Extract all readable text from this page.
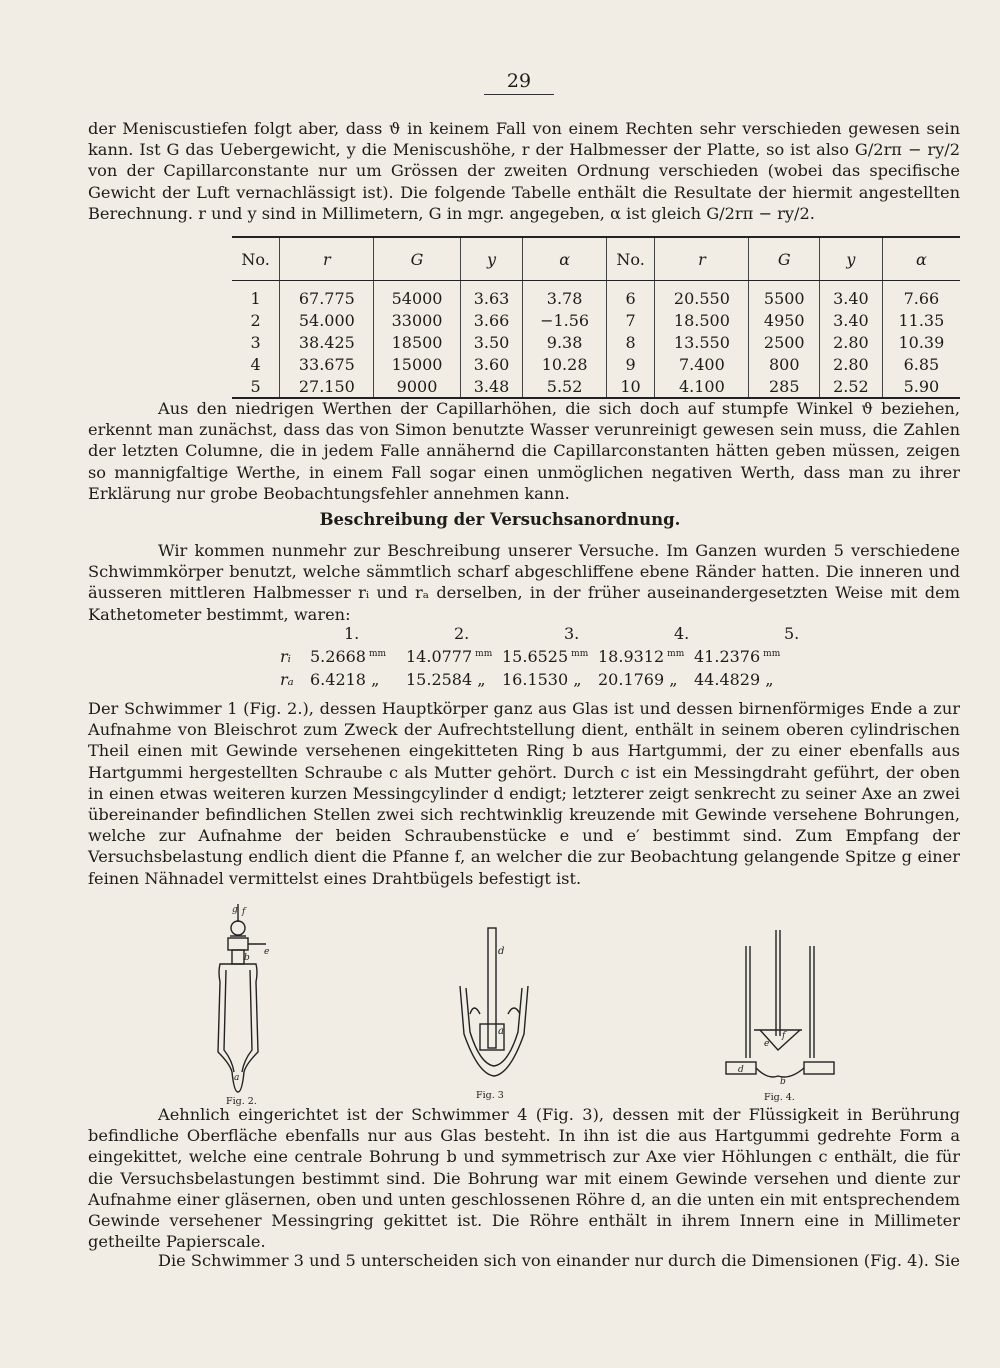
29
der Meniscustiefen folgt aber, dass ϑ in keinem Fall von einem Rechten sehr verschieden gewesen sein kann. Ist G das Uebergewicht, y die Meniscushöhe, r der Halbmesser der Platte, so ist also G/2rπ − ry/2 von der Capillarconstante nur um Grössen der zweiten Ordnung verschieden (wobei das specifische Gewicht der Luft vernachlässigt ist). Die folgende Tabelle enthält die Resultate der hiermit angestellten Berechnung. r und y sind in Millimetern, G in mgr. angegeben, α ist gleich G/2rπ − ry/2.
No.	r	G	y	α	No.	r	G	y	α

1	67.775	54000	3.63	3.78	6	20.550	5500	3.40	7.66
2	54.000	33000	3.66	−1.56	7	18.500	4950	3.40	11.35
3	38.425	18500	3.50	9.38	8	13.550	2500	2.80	10.39
4	33.675	15000	3.60	10.28	9	7.400	800	2.80	6.85
5	27.150	9000	3.48	5.52	10	4.100	285	2.52	5.90
Aus den niedrigen Werthen der Capillarhöhen, die sich doch auf stumpfe Winkel ϑ beziehen, erkennt man zunächst, dass das von Simon benutzte Wasser verunreinigt gewesen sein muss, die Zahlen der letzten Columne, die in jedem Falle annähernd die Capillarconstanten hätten geben müssen, zeigen so mannigfaltige Werthe, in einem Fall sogar einen unmöglichen negativen Werth, dass man zu ihrer Erklärung nur grobe Beobachtungsfehler annehmen kann.
Beschreibung der Versuchsanordnung.
Wir kommen nunmehr zur Beschreibung unserer Versuche. Im Ganzen wurden 5 verschiedene Schwimmkörper benutzt, welche sämmtlich scharf abgeschliffene ebene Ränder hatten. Die inneren und äusseren mittleren Halbmesser rᵢ und rₐ derselben, in der früher auseinandergesetzten Weise mit dem Kathetometer bestimmt, waren:
1.	2.	3.	4.	5.
rᵢ	5.2668 $^{mm}$	14.0777 $^{mm}$ 15.6525 $^{mm}$ 18.9312 $^{mm}$ 41.2376 $^{mm}$
rₐ	6.4218 „	15.2584 „	16.1530 „	20.1769 „	44.4829 „
Der Schwimmer 1 (Fig. 2.), dessen Hauptkörper ganz aus Glas ist und dessen birnenförmiges Ende a zur Aufnahme von Bleischrot zum Zweck der Aufrechtstellung dient, enthält in seinem oberen cylindrischen Theil einen mit Gewinde versehenen eingekitteten Ring b aus Hartgummi, der zu einer ebenfalls aus Hartgummi hergestellten Schraube c als Mutter gehört. Durch c ist ein Messingdraht geführt, der oben in einen etwas weiteren kurzen Messingcylinder d endigt; letzterer zeigt senkrecht zu seiner Axe an zwei übereinander befindlichen Stellen zwei sich rechtwinklig kreuzende mit Gewinde versehene Bohrungen, welche zur Aufnahme der beiden Schraubenstücke e und e′ bestimmt sind. Zum Empfang der Versuchsbelastung endlich dient die Pfanne f, an welcher die zur Beobachtung gelangende Spitze g einer feinen Nähnadel vermittelst eines Drahtbügels befestigt ist.
f
g
e
b
a
Fig. 2.
d
a
Fig. 3
f
e
d
b
Fig. 4.
Aehnlich eingerichtet ist der Schwimmer 4 (Fig. 3), dessen mit der Flüssigkeit in Berührung befindliche Oberfläche ebenfalls nur aus Glas besteht. In ihn ist die aus Hartgummi gedrehte Form a eingekittet, welche eine centrale Bohrung b und symmetrisch zur Axe vier Höhlungen c enthält, die für die Versuchsbelastungen bestimmt sind. Die Bohrung war mit einem Gewinde versehen und diente zur Aufnahme einer gläsernen, oben und unten geschlossenen Röhre d, an die unten ein mit entsprechendem Gewinde versehener Messingring gekittet ist. Die Röhre enthält in ihrem Innern eine in Millimeter getheilte Papierscale.
Die Schwimmer 3 und 5 unterscheiden sich von einander nur durch die Dimensionen (Fig. 4). Sie
